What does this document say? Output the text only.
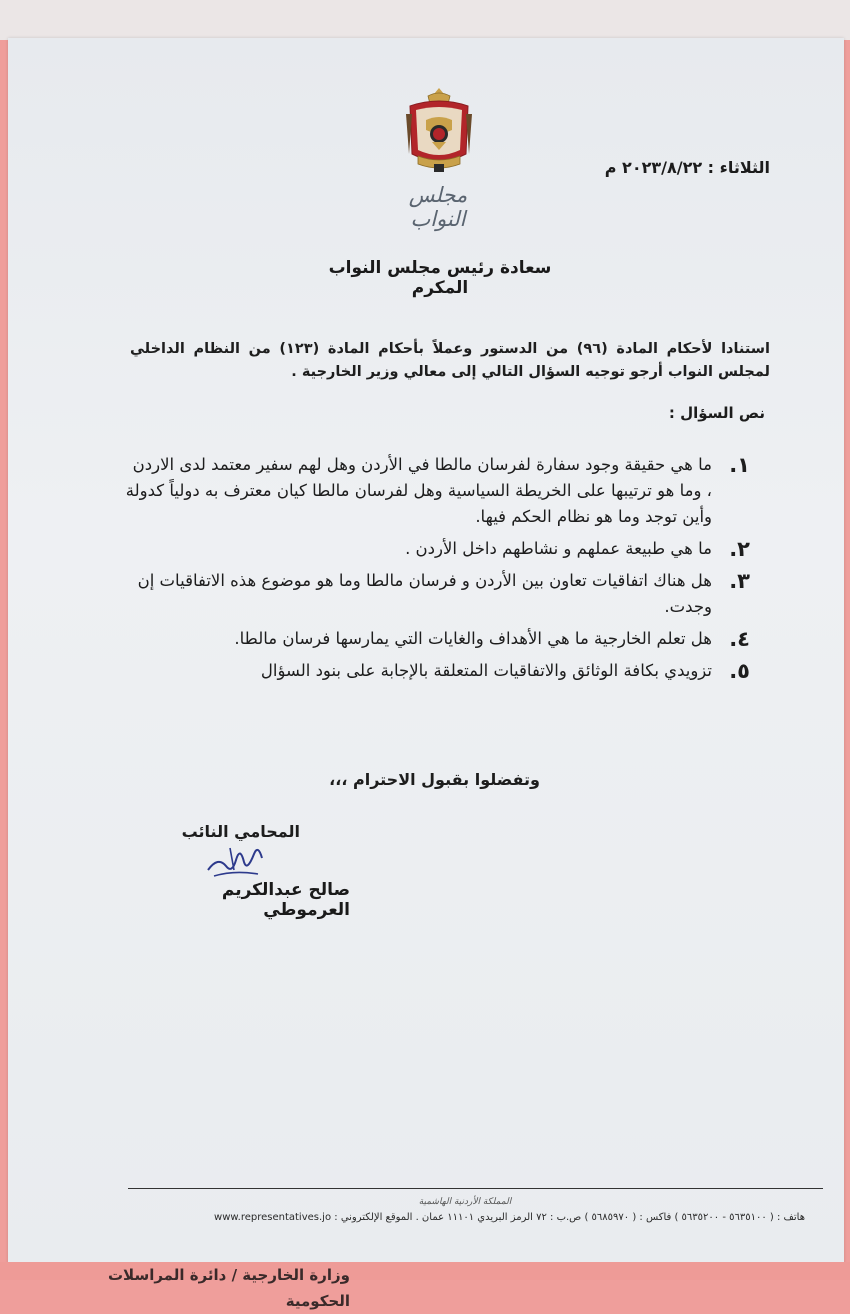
مجلس النواب
الثلاثاء : ٢٠٢٣/٨/٢٢ م
سعادة رئيس مجلس النواب المكرم
استنادا لأحكام المادة (٩٦) من الدستور وعملاً بأحكام المادة (١٢٣) من النظام الداخلي لمجلس النواب أرجو توجيه السؤال التالي إلى معالي وزير الخارجية .
نص السؤال :
١.
ما هي حقيقة وجود سفارة لفرسان مالطا في الأردن وهل لهم سفير معتمد لدى الاردن ، وما هو ترتيبها على الخريطة السياسية وهل لفرسان مالطا كيان معترف به دولياً كدولة وأين توجد وما هو نظام الحكم فيها.
٢.
ما هي طبيعة عملهم و نشاطهم داخل الأردن .
٣.
هل هناك اتفاقيات تعاون بين الأردن و فرسان مالطا وما هو موضوع هذه الاتفاقيات إن وجدت.
٤.
هل تعلم الخارجية ما هي الأهداف والغايات التي يمارسها فرسان مالطا.
٥.
تزويدي بكافة الوثائق والاتفاقيات المتعلقة بالإجابة على بنود السؤال
وتفضلوا بقبول الاحترام ،،،
المحامي النائب
صالح عبدالكريم العرموطي
المملكة الأردنية الهاشمية
هاتف : ( ٥٦٣٥١٠٠ - ٥٦٣٥٢٠٠ ) فاكس : ( ٥٦٨٥٩٧٠ ) ص.ب : ٧٢ الرمز البريدي ١١١٠١ عمان . الموقع الإلكتروني : www.representatives.jo
وزارة الخارجية / دائرة المراسلات الحكومية
